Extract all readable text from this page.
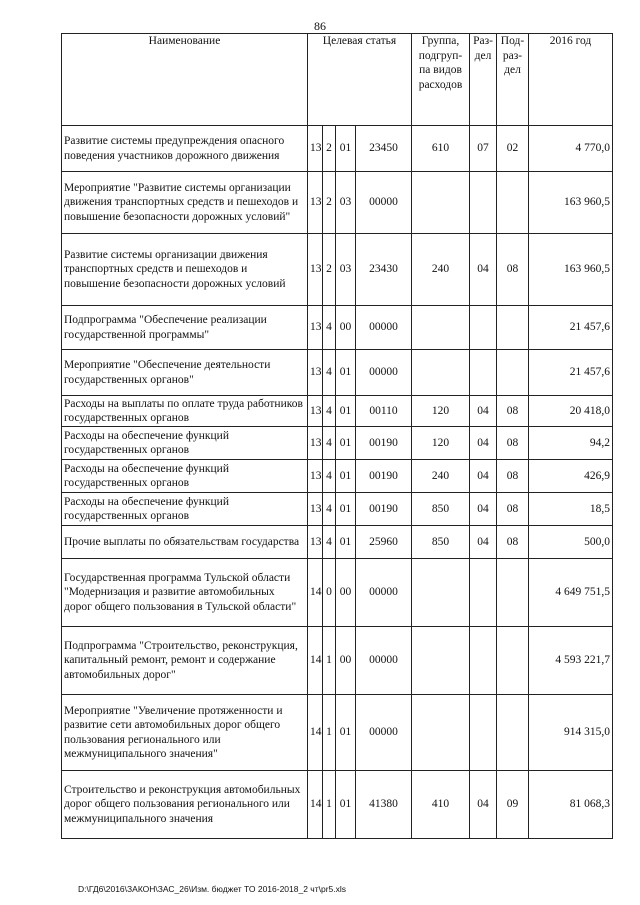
86
Наименование	Целевая статья				Группа, подгруп-па видов расходов	Раз-дел	Под-раз-дел	2016 год
Развитие системы предупреждения опасного поведения участников дорожного движения	13	2	01	23450	610	07	02	4 770,0
Мероприятие "Развитие системы организации движения транспортных средств и пешеходов и повышение безопасности дорожных условий"	13	2	03	00000				163 960,5
Развитие системы организации движения транспортных средств и пешеходов и повышение безопасности дорожных условий	13	2	03	23430	240	04	08	163 960,5
Подпрограмма "Обеспечение реализации государственной программы"	13	4	00	00000				21 457,6
Мероприятие "Обеспечение деятельности государственных органов"	13	4	01	00000				21 457,6
Расходы на выплаты по оплате труда работников государственных органов	13	4	01	00110	120	04	08	20 418,0
Расходы на обеспечение функций государственных органов	13	4	01	00190	120	04	08	94,2
Расходы на обеспечение функций государственных органов	13	4	01	00190	240	04	08	426,9
Расходы на обеспечение функций государственных органов	13	4	01	00190	850	04	08	18,5
Прочие выплаты по обязательствам государства	13	4	01	25960	850	04	08	500,0
Государственная программа Тульской области "Модернизация и развитие автомобильных дорог общего пользования в Тульской области"	14	0	00	00000				4 649 751,5
Подпрограмма "Строительство, реконструкция, капитальный ремонт, ремонт и содержание автомобильных дорог"	14	1	00	00000				4 593 221,7
Мероприятие "Увеличение протяженности и развитие сети автомобильных дорог общего пользования регионального или межмуниципального значения"	14	1	01	00000				914 315,0
Строительство и реконструкция автомобильных дорог общего пользования регионального или межмуниципального значения	14	1	01	41380	410	04	09	81 068,3
D:\ГД6\2016\ЗАКОН\ЗАС_26\Изм. бюджет ТО 2016-2018_2 чт\pr5.xls
